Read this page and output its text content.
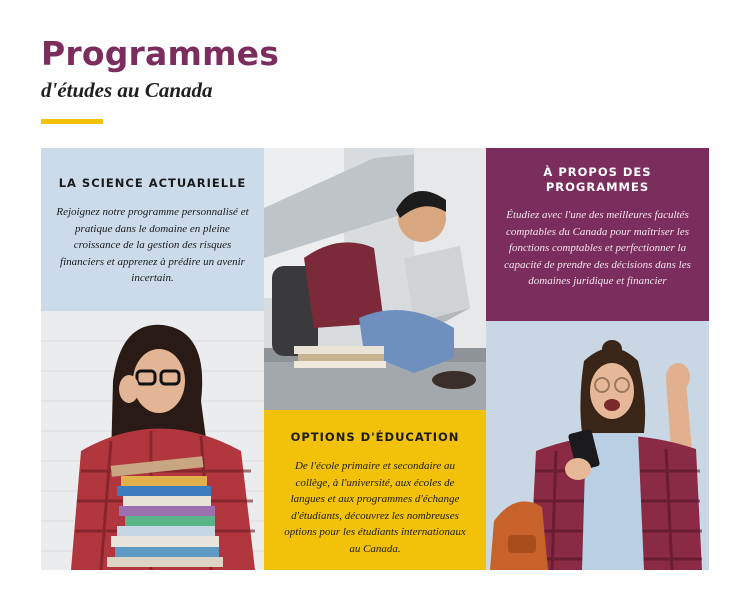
Programmes
d'études au Canada
LA SCIENCE ACTUARIELLE

Rejoignez notre programme personnalisé et pratique dans le domaine en pleine croissance de la gestion des risques financiers et apprenez à prédire un avenir incertain.

À PROPOS DES PROGRAMMES

Étudiez avec l'une des meilleures facultés comptables du Canada pour maîtriser les fonctions comptables et perfectionner la capacité de prendre des décisions dans les domaines juridique et financier

OPTIONS D'ÉDUCATION

De l'école primaire et secondaire au collège, à l'université, aux écoles de langues et aux programmes d'échange d'étudiants, découvrez les nombreuses options pour les étudiants internationaux au Canada.
